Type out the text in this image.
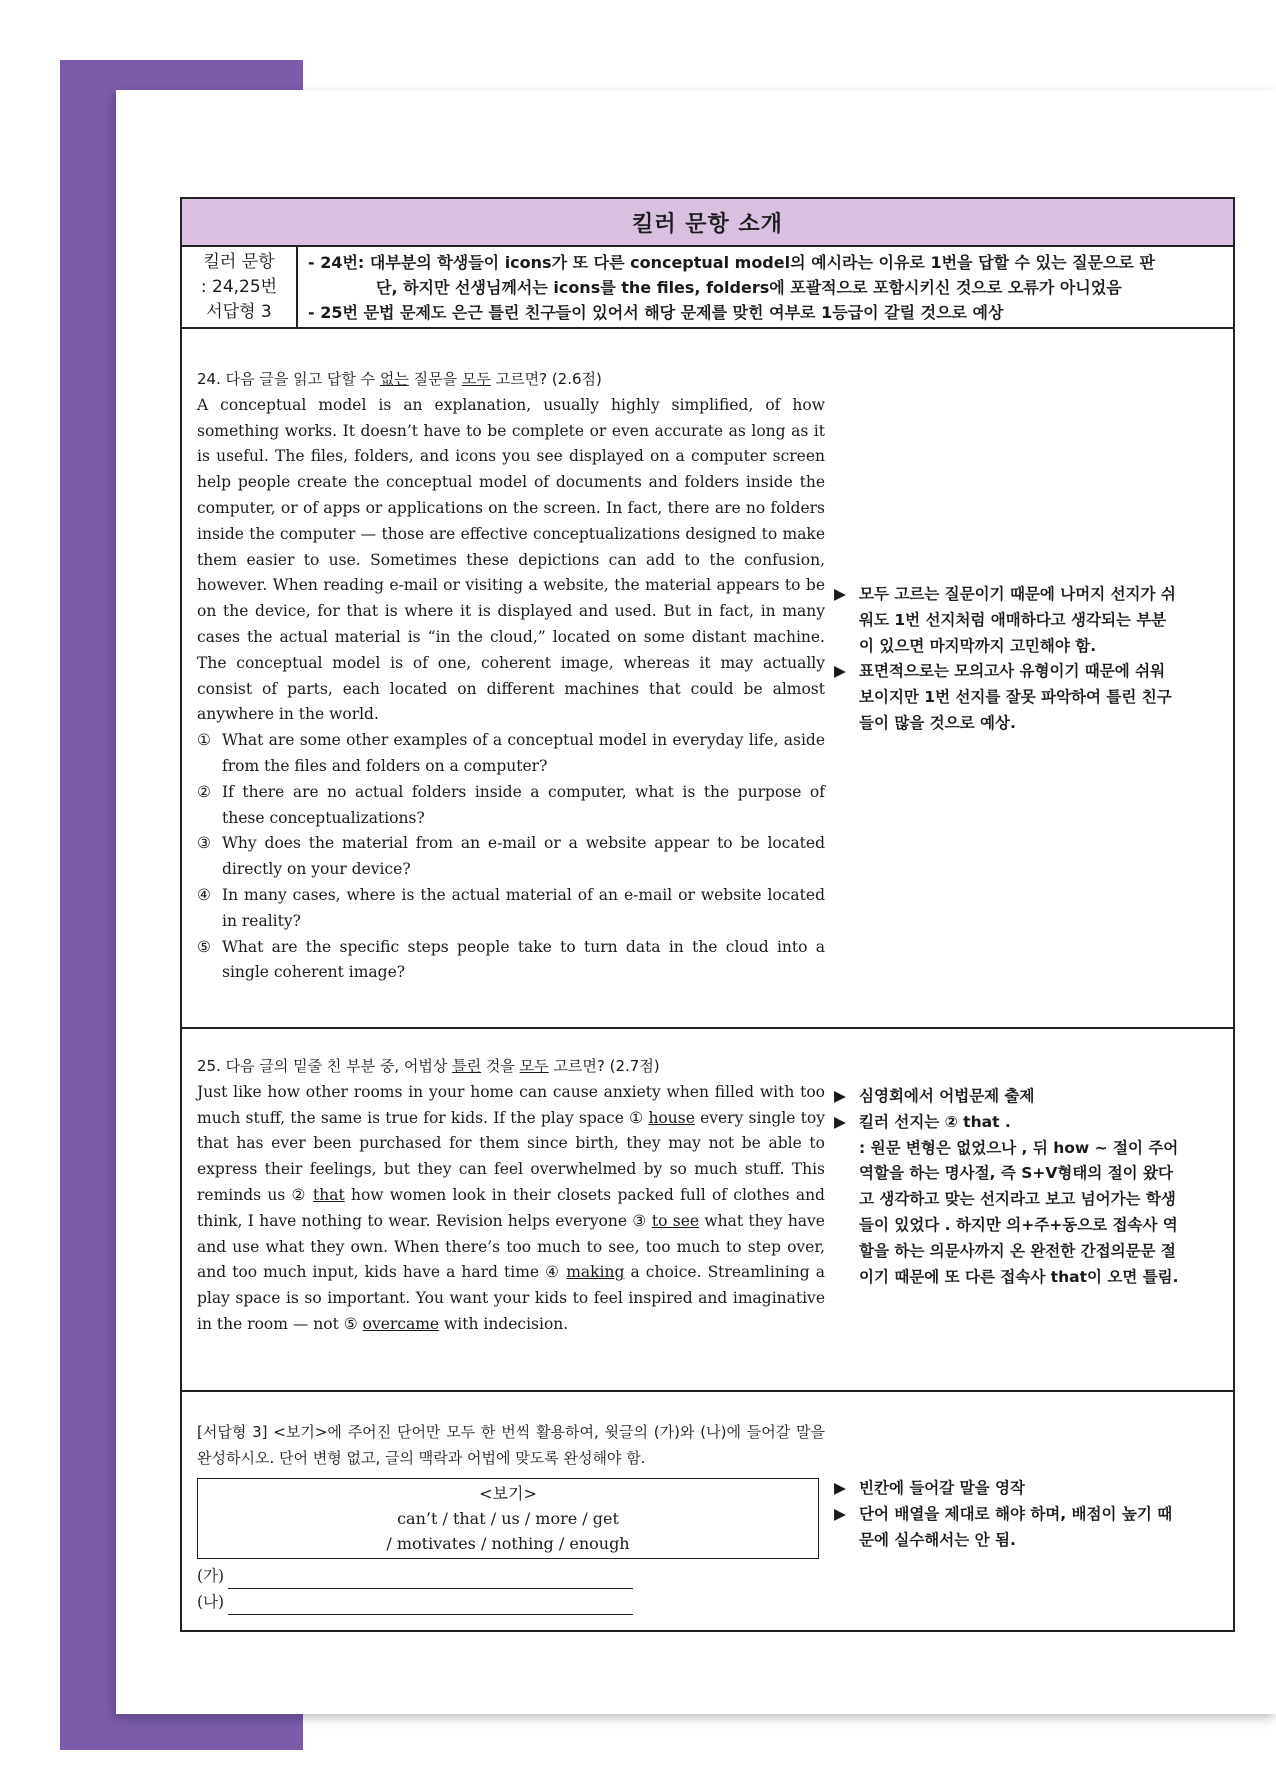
킬러 문항 소개
킬러 문항
: 24,25번
서답형 3
- 24번: 대부분의 학생들이 icons가 또 다른 conceptual model의 예시라는 이유로 1번을 답할 수 있는 질문으로 판
단, 하지만 선생님께서는 icons를 the files, folders에 포괄적으로 포함시키신 것으로 오류가 아니었음
- 25번 문법 문제도 은근 틀린 친구들이 있어서 해당 문제를 맞힌 여부로 1등급이 갈릴 것으로 예상
24. 다음 글을 읽고 답할 수 없는 질문을 모두 고르면? (2.6점)
A conceptual model is an explanation, usually highly simplified, of how something works. It doesn’t have to be complete or even accurate as long as it is useful. The files, folders, and icons you see displayed on a computer screen help people create the conceptual model of documents and folders inside the computer, or of apps or applications on the screen. In fact, there are no folders inside the computer — those are effective conceptualizations designed to make them easier to use. Sometimes these depictions can add to the confusion, however. When reading e-mail or visiting a website, the material appears to be on the device, for that is where it is displayed and used. But in fact, in many cases the actual material is “in the cloud,” located on some distant machine. The conceptual model is of one, coherent image, whereas it may actually consist of parts, each located on different machines that could be almost anywhere in the world.
① What are some other examples of a conceptual model in everyday life, aside from the files and folders on a computer?
② If there are no actual folders inside a computer, what is the purpose of these conceptualizations?
③ Why does the material from an e-mail or a website appear to be located directly on your device?
④ In many cases, where is the actual material of an e-mail or website located in reality?
⑤ What are the specific steps people take to turn data in the cloud into a single coherent image?
▶ 모두 고르는 질문이기 때문에 나머지 선지가 쉬워도 1번 선지처럼 애매하다고 생각되는 부분이 있으면 마지막까지 고민해야 함.
▶ 표면적으로는 모의고사 유형이기 때문에 쉬워보이지만 1번 선지를 잘못 파악하여 틀린 친구들이 많을 것으로 예상.
25. 다음 글의 밑줄 친 부분 중, 어법상 틀린 것을 모두 고르면? (2.7점)
Just like how other rooms in your home can cause anxiety when filled with too much stuff, the same is true for kids. If the play space ① house every single toy that has ever been purchased for them since birth, they may not be able to express their feelings, but they can feel overwhelmed by so much stuff. This reminds us ② that how women look in their closets packed full of clothes and think, I have nothing to wear. Revision helps everyone ③ to see what they have and use what they own. When there’s too much to see, too much to step over, and too much input, kids have a hard time ④ making a choice. Streamlining a play space is so important. You want your kids to feel inspired and imaginative in the room — not ⑤ overcame with indecision.
▶ 심영회에서 어법문제 출제
▶ 킬러 선지는 ② that .
: 원문 변형은 없었으나 , 뒤 how ~ 절이 주어 역할을 하는 명사절, 즉 S+V형태의 절이 왔다고 생각하고 맞는 선지라고 보고 넘어가는 학생들이 있었다 . 하지만 의+주+동으로 접속사 역할을 하는 의문사까지 온 완전한 간접의문문 절이기 때문에 또 다른 접속사 that이 오면 틀림.
[서답형 3] <보기>에 주어진 단어만 모두 한 번씩 활용하여, 윗글의 (가)와 (나)에 들어갈 말을 완성하시오. 단어 변형 없고, 글의 맥락과 어법에 맞도록 완성해야 함.
<보기>
can’t / that / us / more / get
/ motivates / nothing / enough
(가)
(나)
▶ 빈칸에 들어갈 말을 영작
▶ 단어 배열을 제대로 해야 하며, 배점이 높기 때문에 실수해서는 안 됨.
